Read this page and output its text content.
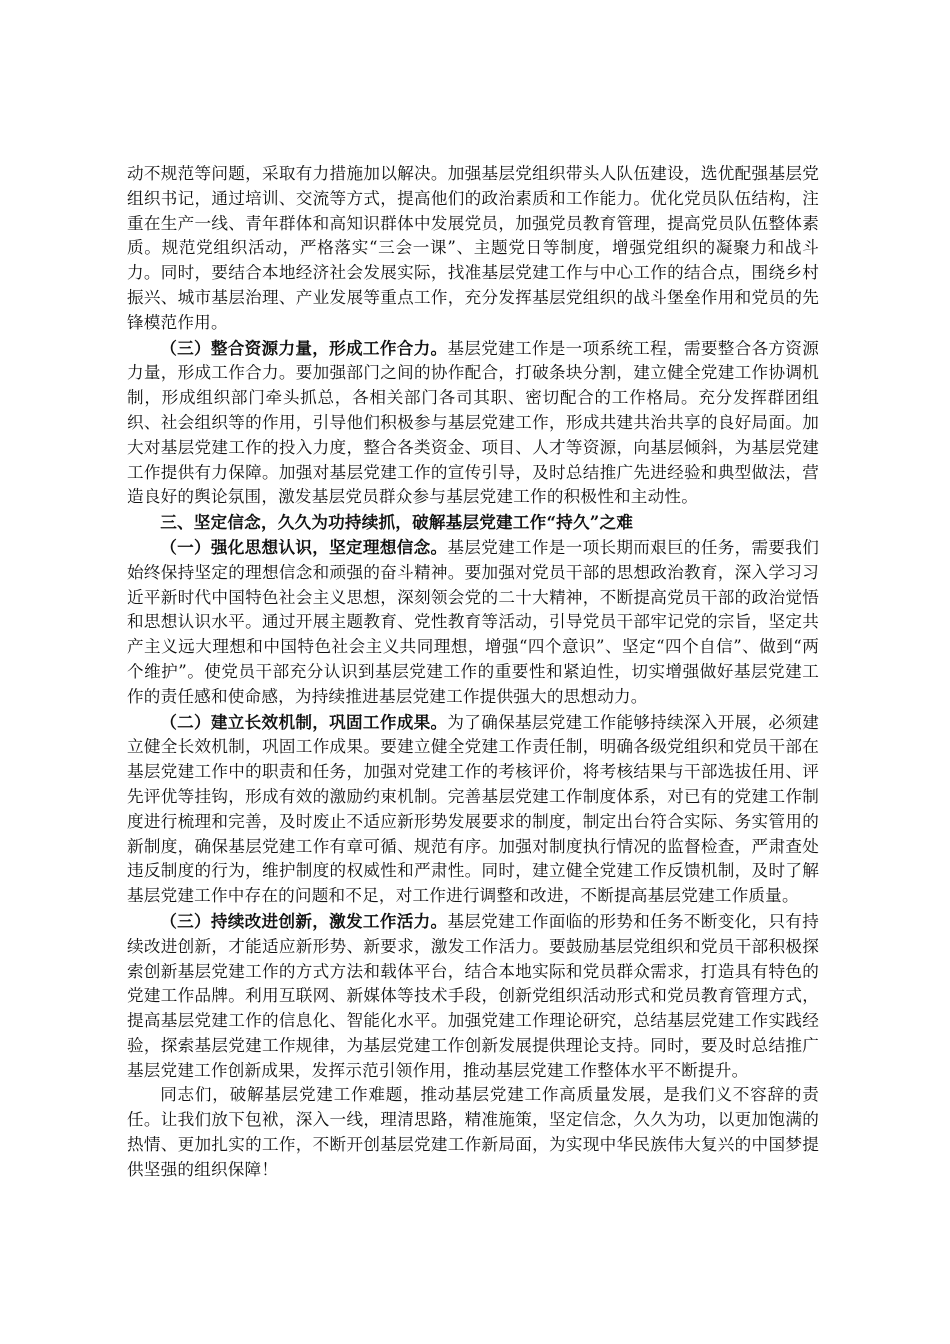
动不规范等问题，采取有力措施加以解决。加强基层党组织带头人队伍建设，选优配强基层党组织书记，通过培训、交流等方式，提高他们的政治素质和工作能力。优化党员队伍结构，注重在生产一线、青年群体和高知识群体中发展党员，加强党员教育管理，提高党员队伍整体素质。规范党组织活动，严格落实“三会一课”、主题党日等制度，增强党组织的凝聚力和战斗力。同时，要结合本地经济社会发展实际，找准基层党建工作与中心工作的结合点，围绕乡村振兴、城市基层治理、产业发展等重点工作，充分发挥基层党组织的战斗堡垒作用和党员的先锋模范作用。

（三）整合资源力量，形成工作合力。基层党建工作是一项系统工程，需要整合各方资源力量，形成工作合力。要加强部门之间的协作配合，打破条块分割，建立健全党建工作协调机制，形成组织部门牵头抓总，各相关部门各司其职、密切配合的工作格局。充分发挥群团组织、社会组织等的作用，引导他们积极参与基层党建工作，形成共建共治共享的良好局面。加大对基层党建工作的投入力度，整合各类资金、项目、人才等资源，向基层倾斜，为基层党建工作提供有力保障。加强对基层党建工作的宣传引导，及时总结推广先进经验和典型做法，营造良好的舆论氛围，激发基层党员群众参与基层党建工作的积极性和主动性。

三、坚定信念，久久为功持续抓，破解基层党建工作“持久”之难

（一）强化思想认识，坚定理想信念。基层党建工作是一项长期而艰巨的任务，需要我们始终保持坚定的理想信念和顽强的奋斗精神。要加强对党员干部的思想政治教育，深入学习习近平新时代中国特色社会主义思想，深刻领会党的二十大精神，不断提高党员干部的政治觉悟和思想认识水平。通过开展主题教育、党性教育等活动，引导党员干部牢记党的宗旨，坚定共产主义远大理想和中国特色社会主义共同理想，增强“四个意识”、坚定“四个自信”、做到“两个维护”。使党员干部充分认识到基层党建工作的重要性和紧迫性，切实增强做好基层党建工作的责任感和使命感，为持续推进基层党建工作提供强大的思想动力。

（二）建立长效机制，巩固工作成果。为了确保基层党建工作能够持续深入开展，必须建立健全长效机制，巩固工作成果。要建立健全党建工作责任制，明确各级党组织和党员干部在基层党建工作中的职责和任务，加强对党建工作的考核评价，将考核结果与干部选拔任用、评先评优等挂钩，形成有效的激励约束机制。完善基层党建工作制度体系，对已有的党建工作制度进行梳理和完善，及时废止不适应新形势发展要求的制度，制定出台符合实际、务实管用的新制度，确保基层党建工作有章可循、规范有序。加强对制度执行情况的监督检查，严肃查处违反制度的行为，维护制度的权威性和严肃性。同时，建立健全党建工作反馈机制，及时了解基层党建工作中存在的问题和不足，对工作进行调整和改进，不断提高基层党建工作质量。

（三）持续改进创新，激发工作活力。基层党建工作面临的形势和任务不断变化，只有持续改进创新，才能适应新形势、新要求，激发工作活力。要鼓励基层党组织和党员干部积极探索创新基层党建工作的方式方法和载体平台，结合本地实际和党员群众需求，打造具有特色的党建工作品牌。利用互联网、新媒体等技术手段，创新党组织活动形式和党员教育管理方式，提高基层党建工作的信息化、智能化水平。加强党建工作理论研究，总结基层党建工作实践经验，探索基层党建工作规律，为基层党建工作创新发展提供理论支持。同时，要及时总结推广基层党建工作创新成果，发挥示范引领作用，推动基层党建工作整体水平不断提升。

同志们，破解基层党建工作难题，推动基层党建工作高质量发展，是我们义不容辞的责任。让我们放下包袱，深入一线，理清思路，精准施策，坚定信念，久久为功，以更加饱满的热情、更加扎实的工作，不断开创基层党建工作新局面，为实现中华民族伟大复兴的中国梦提供坚强的组织保障！
